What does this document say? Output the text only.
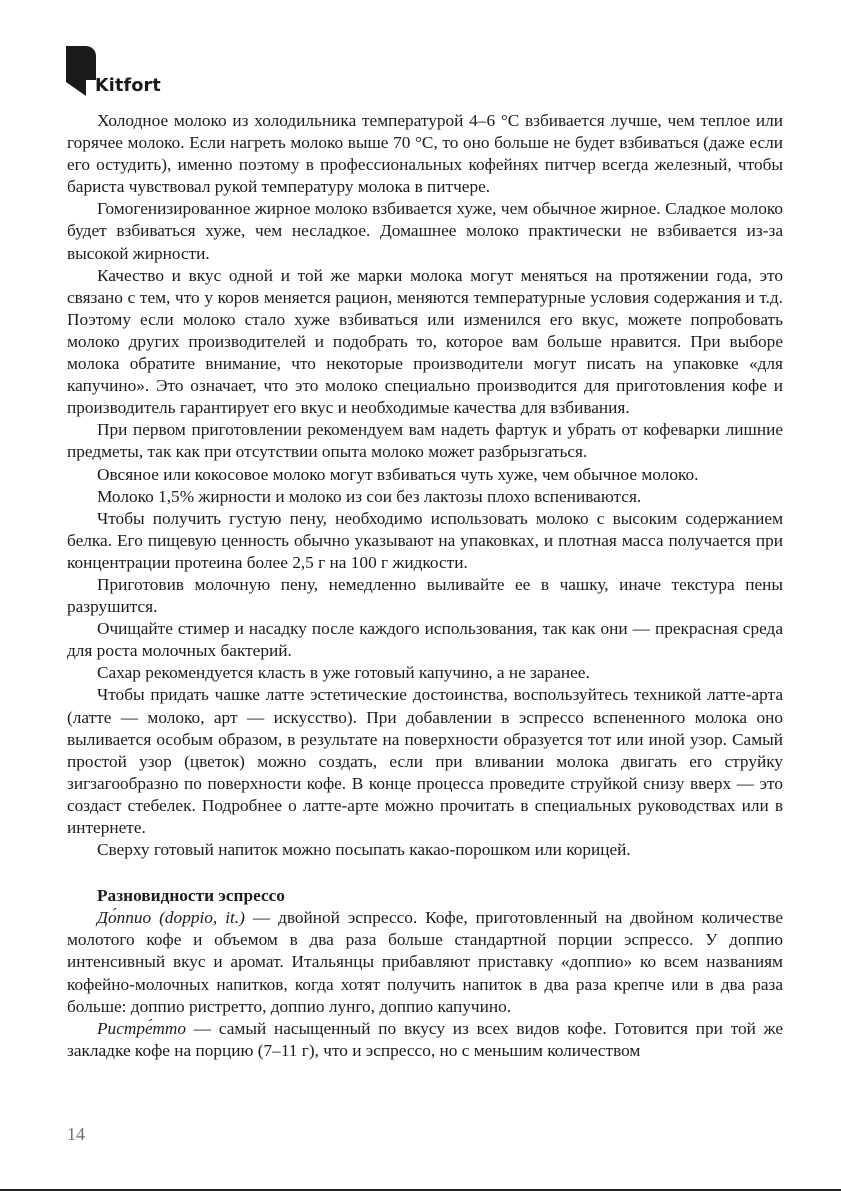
Kitfort

Холодное молоко из холодильника температурой 4–6 °C взбивается лучше, чем теплое или горячее молоко. Если нагреть молоко выше 70 °C, то оно больше не будет взбиваться (даже если его остудить), именно поэтому в профессиональных кофейнях питчер всегда железный, чтобы бариста чувствовал рукой температуру молока в питчере.

Гомогенизированное жирное молоко взбивается хуже, чем обычное жирное. Сладкое молоко будет взбиваться хуже, чем несладкое. Домашнее молоко практически не взбивается из-за высокой жирности.

Качество и вкус одной и той же марки молока могут меняться на протяжении года, это связано с тем, что у коров меняется рацион, меняются температурные условия содержания и т.д. Поэтому если молоко стало хуже взбиваться или изменился его вкус, можете попробовать молоко других производителей и подобрать то, которое вам больше нравится. При выборе молока обратите внимание, что некоторые производители могут писать на упаковке «для капучино». Это означает, что это молоко специально производится для приготовления кофе и производитель гарантирует его вкус и необходимые качества для взбивания.

При первом приготовлении рекомендуем вам надеть фартук и убрать от кофеварки лишние предметы, так как при отсутствии опыта молоко может разбрызгаться.

Овсяное или кокосовое молоко могут взбиваться чуть хуже, чем обычное молоко.

Молоко 1,5% жирности и молоко из сои без лактозы плохо вспениваются.

Чтобы получить густую пену, необходимо использовать молоко с высоким содержанием белка. Его пищевую ценность обычно указывают на упаковках, и плотная масса получается при концентрации протеина более 2,5 г на 100 г жидкости.

Приготовив молочную пену, немедленно выливайте ее в чашку, иначе текстура пены разрушится.

Очищайте стимер и насадку после каждого использования, так как они — прекрасная среда для роста молочных бактерий.

Сахар рекомендуется класть в уже готовый капучино, а не заранее.

Чтобы придать чашке латте эстетические достоинства, воспользуйтесь техникой латте-арта (латте — молоко, арт — искусство). При добавлении в эспрессо вспененного молока оно выливается особым образом, в результате на поверхности образуется тот или иной узор. Самый простой узор (цветок) можно создать, если при вливании молока двигать его струйку зигзагообразно по поверхности кофе. В конце процесса проведите струйкой снизу вверх — это создаст стебелек. Подробнее о латте-арте можно прочитать в специальных руководствах или в интернете.

Сверху готовый напиток можно посыпать какао-порошком или корицей.

Разновидности эспрессо

До́ппио (doppio, it.) — двойной эспрессо. Кофе, приготовленный на двойном количестве молотого кофе и объемом в два раза больше стандартной порции эспрессо. У доппио интенсивный вкус и аромат. Итальянцы прибавляют приставку «доппио» ко всем названиям кофейно-молочных напитков, когда хотят получить напиток в два раза крепче или в два раза больше: доппио ристретто, доппио лунго, доппио капучино.

Ристре́тто — самый насыщенный по вкусу из всех видов кофе. Готовится при той же закладке кофе на порцию (7–11 г), что и эспрессо, но с меньшим количеством

14
